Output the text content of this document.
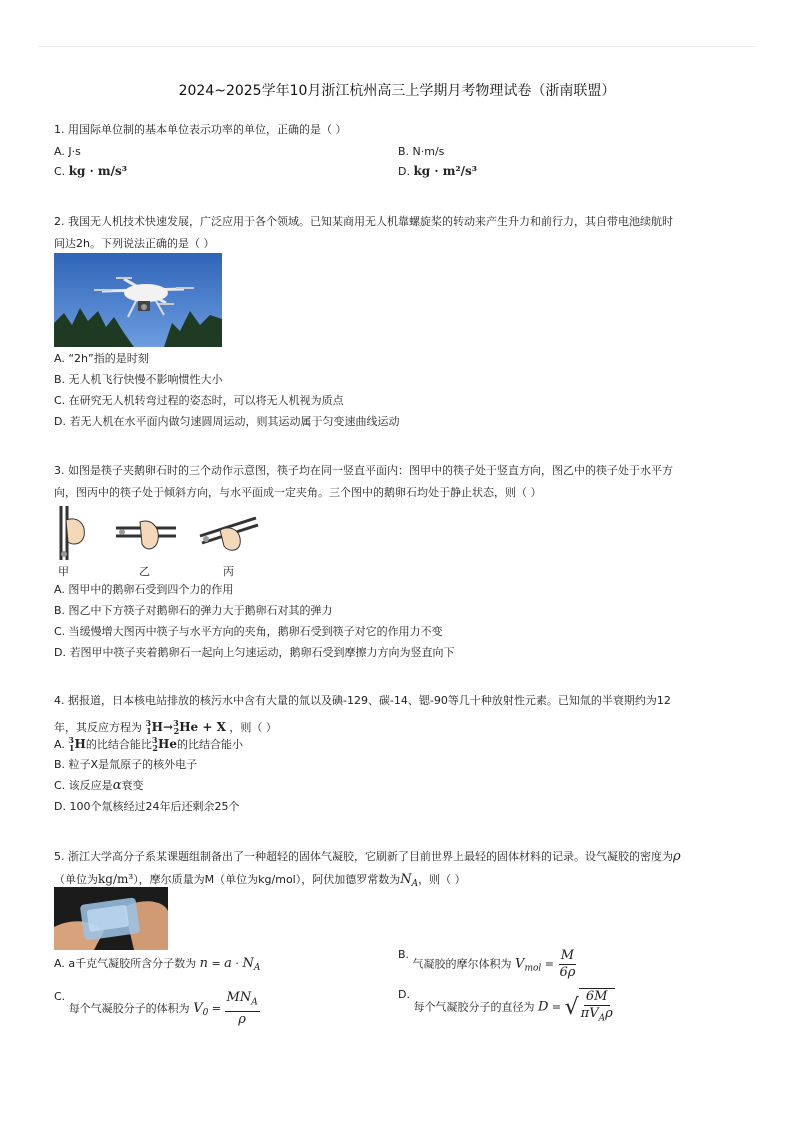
2024~2025学年10月浙江杭州高三上学期月考物理试卷（浙南联盟）
1. 用国际单位制的基本单位表示功率的单位，正确的是（ ）
A. J·s	B. N·m/s
C. kg · m/s³	D. kg · m²/s³
2. 我国无人机技术快速发展，广泛应用于各个领域。已知某商用无人机靠螺旋桨的转动来产生升力和前行力，其自带电池续航时
间达2h。下列说法正确的是（ ）
A. “2h”指的是时刻
B. 无人机飞行快慢不影响惯性大小
C. 在研究无人机转弯过程的姿态时，可以将无人机视为质点
D. 若无人机在水平面内做匀速圆周运动，则其运动属于匀变速曲线运动
3. 如图是筷子夹鹅卵石时的三个动作示意图，筷子均在同一竖直平面内：图甲中的筷子处于竖直方向，图乙中的筷子处于水平方
向，图丙中的筷子处于倾斜方向，与水平面成一定夹角。三个图中的鹅卵石均处于静止状态，则（ ）
甲	乙	丙
A. 图甲中的鹅卵石受到四个力的作用
B. 图乙中下方筷子对鹅卵石的弹力大于鹅卵石对其的弹力
C. 当缓慢增大图丙中筷子与水平方向的夹角，鹅卵石受到筷子对它的作用力不变
D. 若图甲中筷子夹着鹅卵石一起向上匀速运动，鹅卵石受到摩擦力方向为竖直向下
4. 据报道，日本核电站排放的核污水中含有大量的氚以及碘-129、碳-14、锶-90等几十种放射性元素。已知氚的半衰期约为12
年，其反应方程为 $^3_1$H→$^3_2$He + X ，则（ ）
A. $^3_1$H的比结合能比$^3_2$He的比结合能小
B. 粒子X是氚原子的核外电子
C. 该反应是α衰变
D. 100个氚核经过24年后还剩余25个
5. 浙江大学高分子系某课题组制备出了一种超轻的固体气凝胶，它刷新了目前世界上最轻的固体材料的记录。设气凝胶的密度为ρ
（单位为kg/m³），摩尔质量为M（单位为kg/mol），阿伏加德罗常数为$N_A$，则（ ）
A. a千克气凝胶所含分子数为 $n = a \cdot N_A$
B. 气凝胶的摩尔体积为 $V_{mol} = \frac{M}{6\rho}$
C. 每个气凝胶分子的体积为 $V_0 = \frac{MN_A}{\rho}$	D. 每个气凝胶分子的直径为 D = √ $\frac{6M}{\pi V_A\rho}$
